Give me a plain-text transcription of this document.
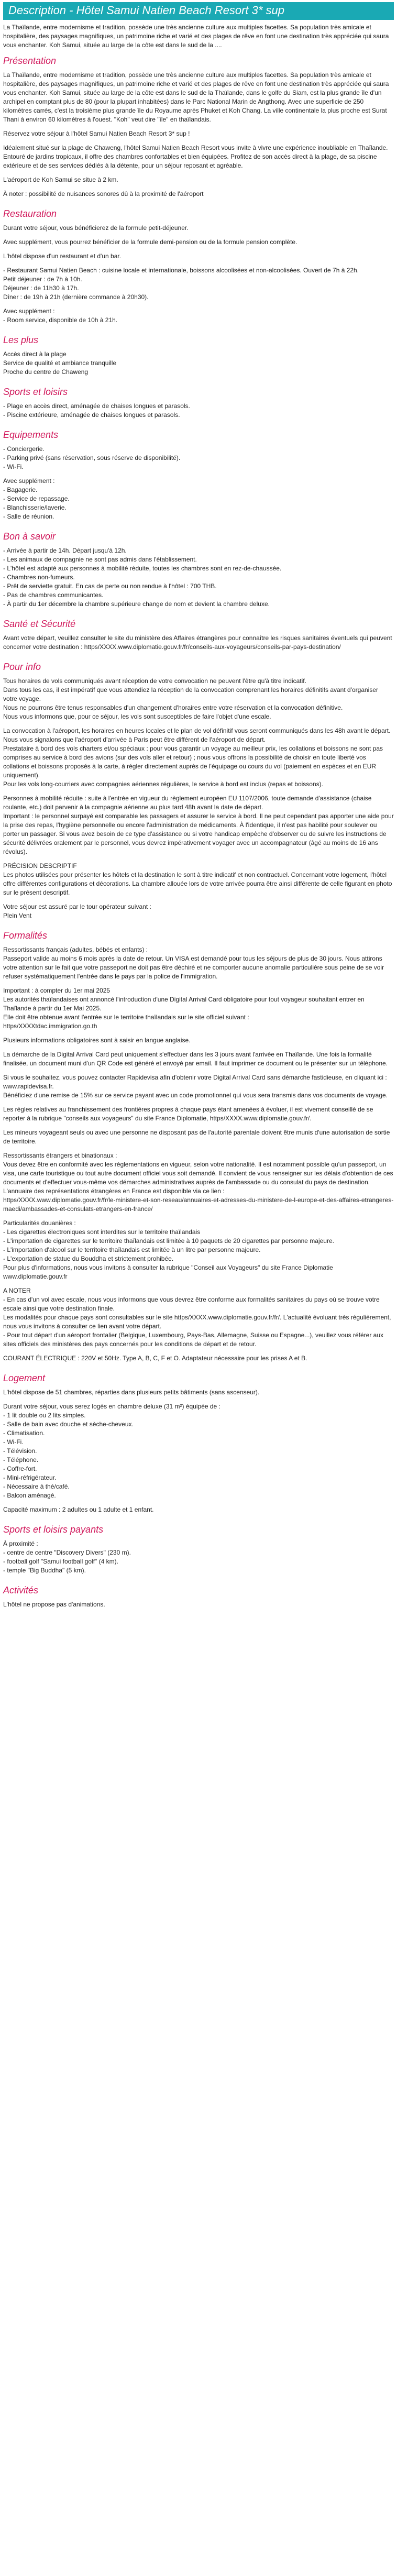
Description - Hôtel Samui Natien Beach Resort 3* sup

La Thaïlande, entre modernisme et tradition, possède une très ancienne culture aux multiples facettes. Sa population très amicale et hospitalière, des paysages magnifiques, un patrimoine riche et varié et des plages de rêve en font une destination très appréciée qui saura vous enchanter. Koh Samui, située au large de la côte est dans le sud de la ....

Présentation

La Thaïlande, entre modernisme et tradition, possède une très ancienne culture aux multiples facettes. Sa population très amicale et hospitalière, des paysages magnifiques, un patrimoine riche et varié et des plages de rêve en font une destination très appréciée qui saura vous enchanter. Koh Samui, située au large de la côte est dans le sud de la Thaïlande, dans le golfe du Siam, est la plus grande île d'un archipel en comptant plus de 80 (pour la plupart inhabitées) dans le Parc National Marin de Angthong. Avec une superficie de 250 kilomètres carrés, c'est la troisième plus grande île du Royaume après Phuket et Koh Chang. La ville continentale la plus proche est Surat Thani à environ 60 kilomètres à l'ouest. "Koh" veut dire "île" en thaïlandais.

Réservez votre séjour à l'hôtel Samui Natien Beach Resort 3* sup !

Idéalement situé sur la plage de Chaweng, l'hôtel Samui Natien Beach Resort vous invite à vivre une expérience inoubliable en Thaïlande. Entouré de jardins tropicaux, il offre des chambres confortables et bien équipées. Profitez de son accès direct à la plage, de sa piscine extérieure et de ses services dédiés à la détente, pour un séjour reposant et agréable.

L'aéroport de Koh Samui se situe à 2 km.

À noter : possibilité de nuisances sonores dû à la proximité de l'aéroport

Restauration

Durant votre séjour, vous bénéficierez de la formule petit-déjeuner.

Avec supplément, vous pourrez bénéficier de la formule demi-pension ou de la formule pension complète.

L'hôtel dispose d'un restaurant et d'un bar.

- Restaurant Samui Natien Beach : cuisine locale et internationale, boissons alcoolisées et non-alcoolisées. Ouvert de 7h à 22h.
Petit déjeuner : de 7h à 10h.
Déjeuner : de 11h30 à 17h.
Dîner : de 19h à 21h (dernière commande à 20h30).

Avec supplément :
- Room service, disponible de 10h à 21h.

Les plus

Accès direct à la plage
Service de qualité et ambiance tranquille
Proche du centre de Chaweng

Sports et loisirs

- Plage en accès direct, aménagée de chaises longues et parasols.
- Piscine extérieure, aménagée de chaises longues et parasols.

Equipements

- Conciergerie.
- Parking privé (sans réservation, sous réserve de disponibilité).
- Wi-Fi.

Avec supplément :
- Bagagerie.
- Service de repassage.
- Blanchisserie/laverie.
- Salle de réunion.

Bon à savoir

- Arrivée à partir de 14h. Départ jusqu'à 12h.
- Les animaux de compagnie ne sont pas admis dans l'établissement.
- L'hôtel est adapté aux personnes à mobilité réduite, toutes les chambres sont en rez-de-chaussée.
- Chambres non-fumeurs.
- Prêt de serviette gratuit. En cas de perte ou non rendue à l'hôtel : 700 THB.
- Pas de chambres communicantes.
- À partir du 1er décembre la chambre supérieure change de nom et devient la chambre deluxe.

Santé et Sécurité

Avant votre départ, veuillez consulter le site du ministère des Affaires étrangères pour connaître les risques sanitaires éventuels qui peuvent concerner votre destination : https/XXXX.www.diplomatie.gouv.fr/fr/conseils-aux-voyageurs/conseils-par-pays-destination/

Pour info

Tous horaires de vols communiqués avant réception de votre convocation ne peuvent l'être qu'à titre indicatif.
Dans tous les cas, il est impératif que vous attendiez la réception de la convocation comprenant les horaires définitifs avant d'organiser votre voyage.
Nous ne pourrons être tenus responsables d'un changement d'horaires entre votre réservation et la convocation définitive.
Nous vous informons que, pour ce séjour, les vols sont susceptibles de faire l'objet d'une escale.

La convocation à l'aéroport, les horaires en heures locales et le plan de vol définitif vous seront communiqués dans les 48h avant le départ.
Nous vous signalons que l'aéroport d'arrivée à Paris peut être différent de l'aéroport de départ.
Prestataire à bord des vols charters et/ou spéciaux : pour vous garantir un voyage au meilleur prix, les collations et boissons ne sont pas comprises au service à bord des avions (sur des vols aller et retour) ; nous vous offrons la possibilité de choisir en toute liberté vos collations et boissons proposés à la carte, à régler directement auprès de l'équipage ou cours du vol (paiement en espèces et en EUR uniquement).
Pour les vols long-courriers avec compagnies aériennes régulières, le service à bord est inclus (repas et boissons).

Personnes à mobilité réduite : suite à l'entrée en vigueur du règlement européen EU 1107/2006, toute demande d'assistance (chaise roulante, etc.) doit parvenir à la compagnie aérienne au plus tard 48h avant la date de départ.
Important : le personnel surpayé est comparable les passagers et assurer le service à bord. Il ne peut cependant pas apporter une aide pour la prise des repas, l'hygiène personnelle ou encore l'administration de médicaments. À l'identique, il n'est pas habilité pour soulever ou porter un passager. Si vous avez besoin de ce type d'assistance ou si votre handicap empêche d'observer ou de suivre les instructions de sécurité délivrées oralement par le personnel, vous devrez impérativement voyager avec un accompagnateur (âgé au moins de 16 ans révolus).

PRÉCISION DESCRIPTIF
Les photos utilisées pour présenter les hôtels et la destination le sont à titre indicatif et non contractuel. Concernant votre logement, l'hôtel offre différentes configurations et décorations. La chambre allouée lors de votre arrivée pourra être ainsi différente de celle figurant en photo sur le présent descriptif.

Votre séjour est assuré par le tour opérateur suivant :
Plein Vent

Formalités

Ressortissants français (adultes, bébés et enfants) :
Passeport valide au moins 6 mois après la date de retour. Un VISA est demandé pour tous les séjours de plus de 30 jours. Nous attirons votre attention sur le fait que votre passeport ne doit pas être déchiré et ne comporter aucune anomalie particulière sous peine de se voir refuser systématiquement l'entrée dans le pays par la police de l'immigration.

Important : à compter du 1er mai 2025
Les autorités thaïlandaises ont annoncé l'introduction d'une Digital Arrival Card obligatoire pour tout voyageur souhaitant entrer en Thaïlande à partir du 1er Mai 2025.
Elle doit être obtenue avant l'entrée sur le territoire thaïlandais sur le site officiel suivant :
https/XXXXtdac.immigration.go.th

Plusieurs informations obligatoires sont à saisir en langue anglaise.

La démarche de la Digital Arrival Card peut uniquement s'effectuer dans les 3 jours avant l'arrivée en Thaïlande. Une fois la formalité finalisée, un document muni d'un QR Code est généré et envoyé par email. Il faut imprimer ce document ou le présenter sur un téléphone.

Si vous le souhaitez, vous pouvez contacter Rapidevisa afin d'obtenir votre Digital Arrival Card sans démarche fastidieuse, en cliquant ici : www.rapidevisa.fr.
Bénéficiez d'une remise de 15% sur ce service payant avec un code promotionnel qui vous sera transmis dans vos documents de voyage.

Les règles relatives au franchissement des frontières propres à chaque pays étant amenées à évoluer, il est vivement conseillé de se reporter à la rubrique "conseils aux voyageurs" du site France Diplomatie, https/XXXX.www.diplomatie.gouv.fr/.

Les mineurs voyageant seuls ou avec une personne ne disposant pas de l'autorité parentale doivent être munis d'une autorisation de sortie de territoire.

Ressortissants étrangers et binationaux :
Vous devez être en conformité avec les réglementations en vigueur, selon votre nationalité. Il est notamment possible qu'un passeport, un visa, une carte touristique ou tout autre document officiel vous soit demandé. Il convient de vous renseigner sur les délais d'obtention de ces documents et d'effectuer vous-même vos démarches administratives auprès de l'ambassade ou du consulat du pays de destination.
L'annuaire des représentations étrangères en France est disponible via ce lien :
https/XXXX.www.diplomatie.gouv.fr/fr/le-ministere-et-son-reseau/annuaires-et-adresses-du-ministere-de-l-europe-et-des-affaires-etrangeres-maedi/ambassades-et-consulats-etrangers-en-france/

Particularités douanières :
- Les cigarettes électroniques sont interdites sur le territoire thaïlandais
- L'importation de cigarettes sur le territoire thaïlandais est limitée à 10 paquets de 20 cigarettes par personne majeure.
- L'importation d'alcool sur le territoire thaïlandais est limitée à un litre par personne majeure.
- L'exportation de statue du Bouddha et strictement prohibée.
Pour plus d'informations, nous vous invitons à consulter la rubrique "Conseil aux Voyageurs" du site France Diplomatie www.diplomatie.gouv.fr

A NOTER
- En cas d'un vol avec escale, nous vous informons que vous devrez être conforme aux formalités sanitaires du pays où se trouve votre escale ainsi que votre destination finale.
Les modalités pour chaque pays sont consultables sur le site https/XXXX.www.diplomatie.gouv.fr/fr/. L'actualité évoluant très régulièrement, nous vous invitons à consulter ce lien avant votre départ.
- Pour tout départ d'un aéroport frontalier (Belgique, Luxembourg, Pays-Bas, Allemagne, Suisse ou Espagne...), veuillez vous référer aux sites officiels des ministères des pays concernés pour les conditions de départ et de retour.

COURANT ÉLECTRIQUE : 220V et 50Hz. Type A, B, C, F et O. Adaptateur nécessaire pour les prises A et B.

Logement

L'hôtel dispose de 51 chambres, réparties dans plusieurs petits bâtiments (sans ascenseur).

Durant votre séjour, vous serez logés en chambre deluxe (31 m²) équipée de :
- 1 lit double ou 2 lits simples.
- Salle de bain avec douche et sèche-cheveux.
- Climatisation.
- Wi-Fi.
- Télévision.
- Téléphone.
- Coffre-fort.
- Mini-réfrigérateur.
- Nécessaire à thé/café.
- Balcon aménagé.

Capacité maximum : 2 adultes ou 1 adulte et 1 enfant.

Sports et loisirs payants

À proximité :
- centre de centre "Discovery Divers" (230 m).
- football golf "Samui football golf" (4 km).
- temple "Big Buddha" (5 km).

Activités

L'hôtel ne propose pas d'animations.
